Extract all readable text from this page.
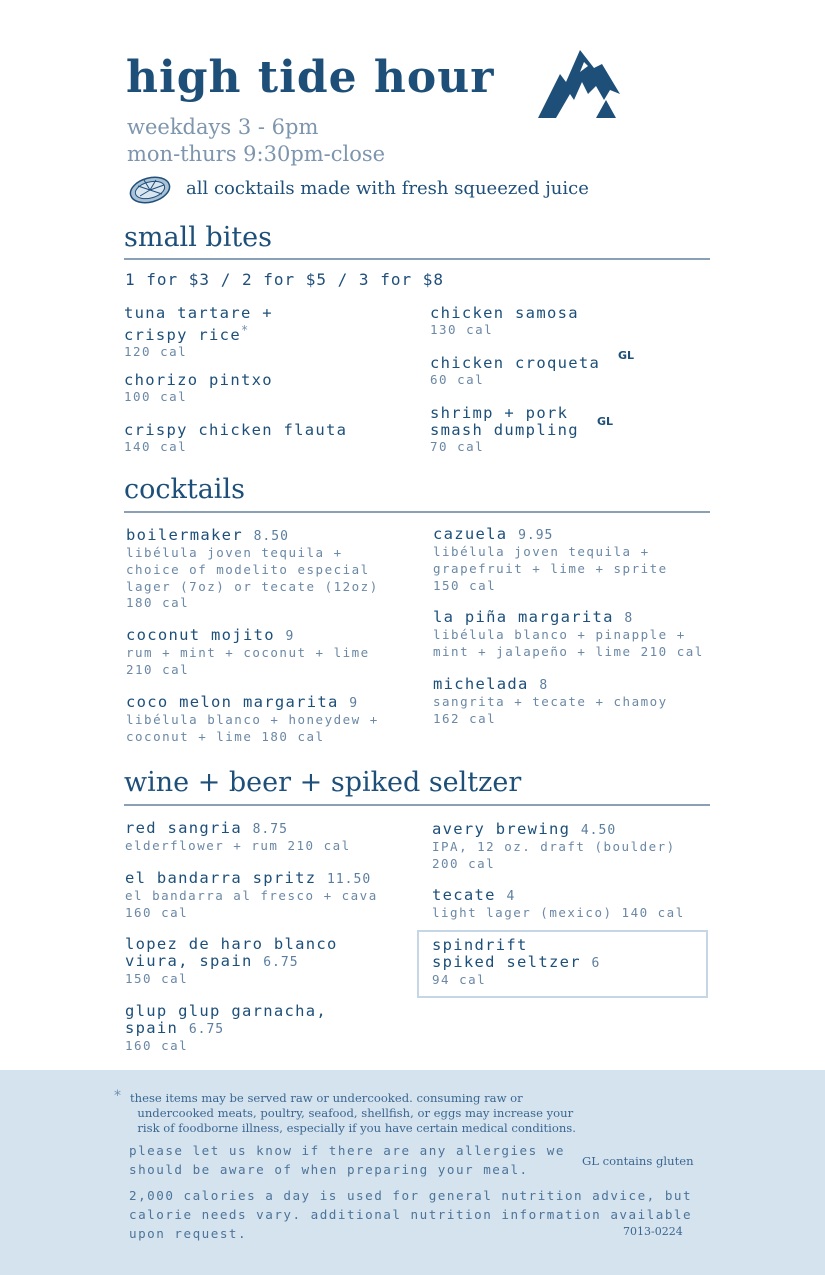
high tide hour
weekdays 3 - 6pm
mon-thurs 9:30pm-close
all cocktails made with fresh squeezed juice
small bites
1 for $3 / 2 for $5 / 3 for $8
tuna tartare +
crispy rice*
120 cal
chorizo pintxo
100 cal
crispy chicken flauta
140 cal
chicken samosa
130 cal
chicken croqueta
60 cal
GL
shrimp + pork
smash dumpling
70 cal
GL
cocktails
boilermaker 8.50
libélula joven tequila +
choice of modelito especial
lager (7oz) or tecate (12oz)
180 cal
coconut mojito 9
rum + mint + coconut + lime
210 cal
coco melon margarita 9
libélula blanco + honeydew +
coconut + lime 180 cal
cazuela 9.95
libélula joven tequila +
grapefruit + lime + sprite
150 cal
la piña margarita 8
libélula blanco + pinapple +
mint + jalapeño + lime 210 cal
michelada 8
sangrita + tecate + chamoy
162 cal
wine + beer + spiked seltzer
red sangria 8.75
elderflower + rum 210 cal
el bandarra spritz 11.50
el bandarra al fresco + cava
160 cal
lopez de haro blanco
viura, spain 6.75
150 cal
glup glup garnacha,
spain 6.75
160 cal
avery brewing 4.50
IPA, 12 oz. draft (boulder)
200 cal
tecate 4
light lager (mexico) 140 cal
spindrift
spiked seltzer 6
94 cal
* these items may be served raw or undercooked. consuming raw or
undercooked meats, poultry, seafood, shellfish, or eggs may increase your
risk of foodborne illness, especially if you have certain medical conditions.
please let us know if there are any allergies we
should be aware of when preparing your meal.
GL contains gluten
2,000 calories a day is used for general nutrition advice, but
calorie needs vary. additional nutrition information available
upon request.	7013-0224
